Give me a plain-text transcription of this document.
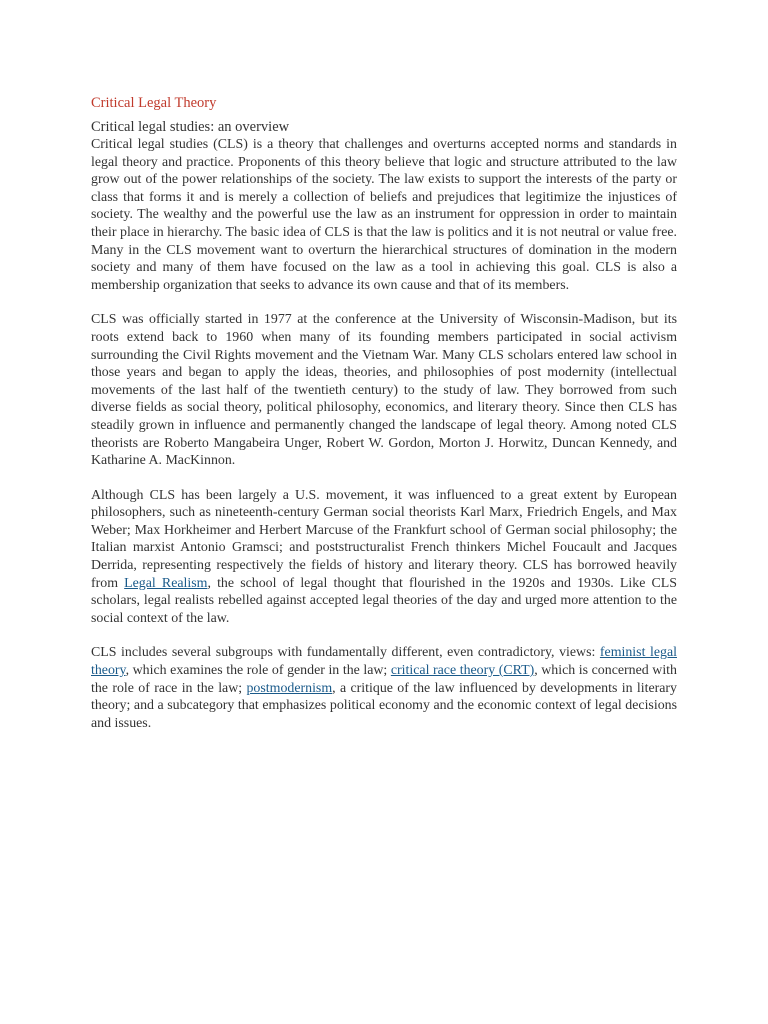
Critical Legal Theory
Critical legal studies: an overview

Critical legal studies (CLS) is a theory that challenges and overturns accepted norms and standards in legal theory and practice. Proponents of this theory believe that logic and structure attributed to the law grow out of the power relationships of the society. The law exists to support the interests of the party or class that forms it and is merely a collection of beliefs and prejudices that legitimize the injustices of society. The wealthy and the powerful use the law as an instrument for oppression in order to maintain their place in hierarchy. The basic idea of CLS is that the law is politics and it is not neutral or value free. Many in the CLS movement want to overturn the hierarchical structures of domination in the modern society and many of them have focused on the law as a tool in achieving this goal. CLS is also a membership organization that seeks to advance its own cause and that of its members.

CLS was officially started in 1977 at the conference at the University of Wisconsin-Madison, but its roots extend back to 1960 when many of its founding members participated in social activism surrounding the Civil Rights movement and the Vietnam War. Many CLS scholars entered law school in those years and began to apply the ideas, theories, and philosophies of post modernity (intellectual movements of the last half of the twentieth century) to the study of law. They borrowed from such diverse fields as social theory, political philosophy, economics, and literary theory. Since then CLS has steadily grown in influence and permanently changed the landscape of legal theory. Among noted CLS theorists are Roberto Mangabeira Unger, Robert W. Gordon, Morton J. Horwitz, Duncan Kennedy, and Katharine A. MacKinnon.

Although CLS has been largely a U.S. movement, it was influenced to a great extent by European philosophers, such as nineteenth-century German social theorists Karl Marx, Friedrich Engels, and Max Weber; Max Horkheimer and Herbert Marcuse of the Frankfurt school of German social philosophy; the Italian marxist Antonio Gramsci; and poststructuralist French thinkers Michel Foucault and Jacques Derrida, representing respectively the fields of history and literary theory. CLS has borrowed heavily from Legal Realism, the school of legal thought that flourished in the 1920s and 1930s. Like CLS scholars, legal realists rebelled against accepted legal theories of the day and urged more attention to the social context of the law.

CLS includes several subgroups with fundamentally different, even contradictory, views: feminist legal theory, which examines the role of gender in the law; critical race theory (CRT), which is concerned with the role of race in the law; postmodernism, a critique of the law influenced by developments in literary theory; and a subcategory that emphasizes political economy and the economic context of legal decisions and issues.
